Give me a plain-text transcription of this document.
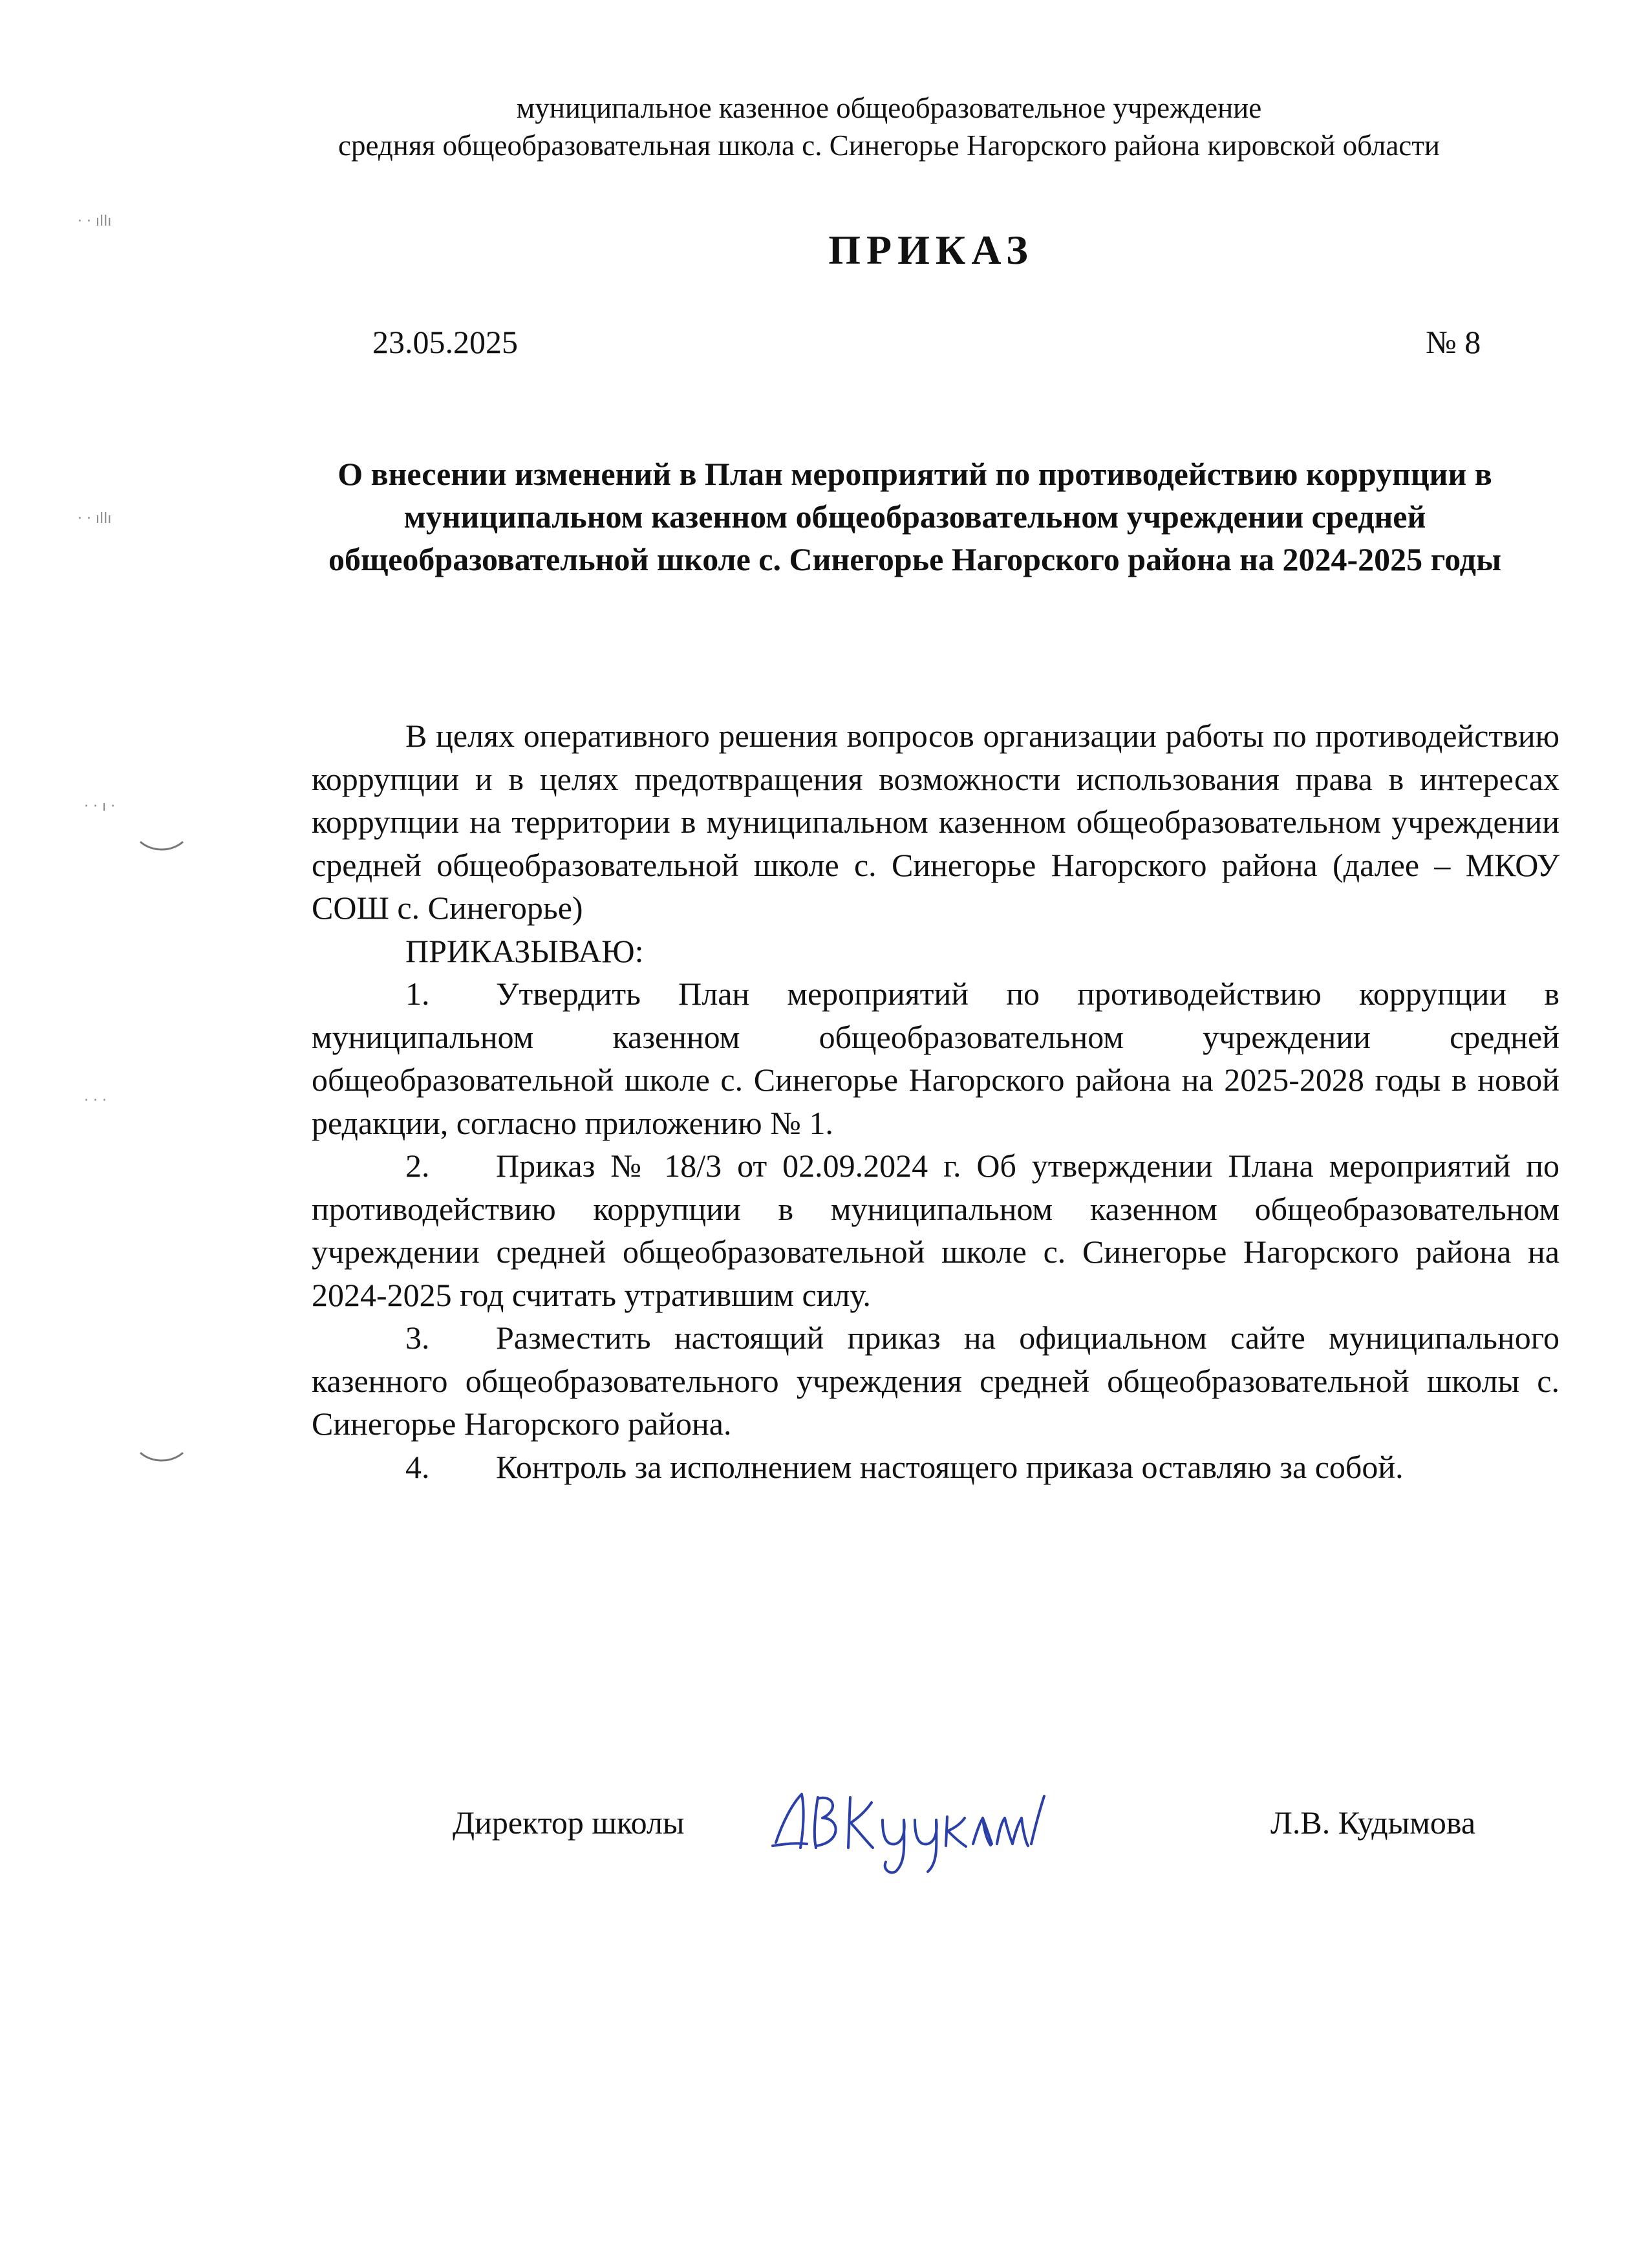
муниципальное казенное общеобразовательное учреждение
средняя общеобразовательная школа с. Синегорье Нагорского района кировской области
ПРИКАЗ
23.05.2025	№ 8
О внесении изменений в План мероприятий по противодействию коррупции в муниципальном казенном общеобразовательном учреждении средней общеобразовательной школе с. Синегорье Нагорского района на 2024-2025 годы

В целях оперативного решения вопросов организации работы по противодействию коррупции и в целях предотвращения возможности использования права в интересах коррупции на территории в муниципальном казенном общеобразовательном учреждении средней общеобразовательной школе с. Синегорье Нагорского района (далее – МКОУ СОШ с. Синегорье)

ПРИКАЗЫВАЮ:

1. Утвердить План мероприятий по противодействию коррупции в муниципальном казенном общеобразовательном учреждении средней общеобразовательной школе с. Синегорье Нагорского района на 2025-2028 годы в новой редакции, согласно приложению № 1.

2. Приказ № 18/3 от 02.09.2024 г. Об утверждении Плана мероприятий по противодействию коррупции в муниципальном казенном общеобразовательном учреждении средней общеобразовательной школе с. Синегорье Нагорского района на 2024-2025 год считать утратившим силу.

3. Разместить настоящий приказ на официальном сайте муниципального казенного общеобразовательного учреждения средней общеобразовательной школы с. Синегорье Нагорского района.

4. Контроль за исполнением настоящего приказа оставляю за собой.

Директор школы	Л.В. Кудымова
· · ıllı
· · ıllı
· · ı ·
· · ·
